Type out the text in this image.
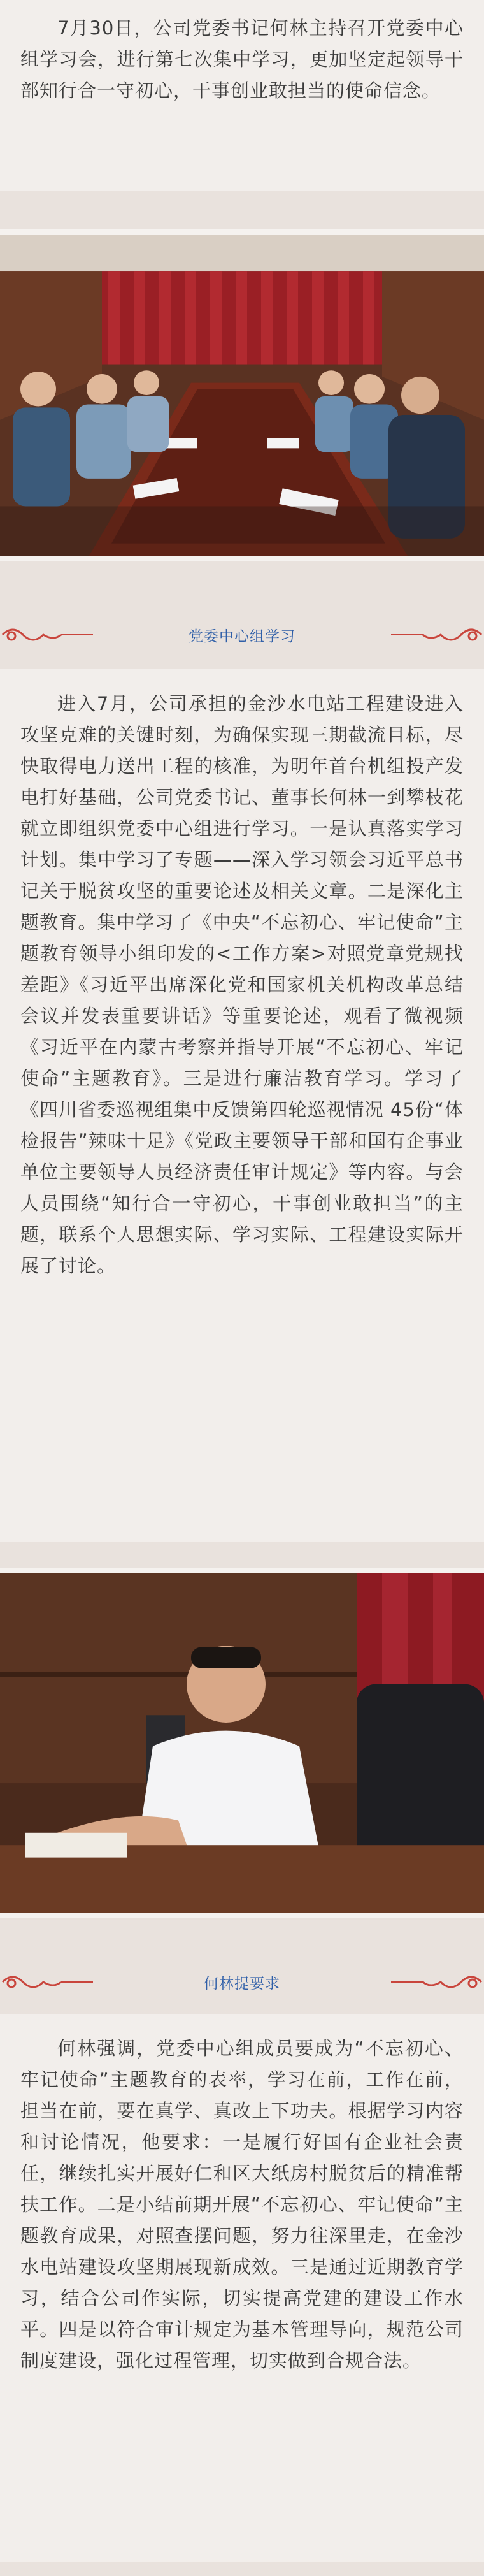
7月30日，公司党委书记何林主持召开党委中心组学习会，进行第七次集中学习，更加坚定起领导干部知行合一守初心，干事创业敢担当的使命信念。

党委中心组学习

进入7月，公司承担的金沙水电站工程建设进入攻坚克难的关键时刻，为确保实现三期截流目标，尽快取得电力送出工程的核准，为明年首台机组投产发电打好基础，公司党委书记、董事长何林一到攀枝花就立即组织党委中心组进行学习。一是认真落实学习计划。集中学习了专题——深入学习领会习近平总书记关于脱贫攻坚的重要论述及相关文章。二是深化主题教育。集中学习了《中央“不忘初心、牢记使命”主题教育领导小组印发的<工作方案>对照党章党规找差距》《习近平出席深化党和国家机关机构改革总结会议并发表重要讲话》等重要论述，观看了微视频《习近平在内蒙古考察并指导开展“不忘初心、牢记使命”主题教育》。三是进行廉洁教育学习。学习了《四川省委巡视组集中反馈第四轮巡视情况 45份“体检报告”辣味十足》《党政主要领导干部和国有企事业单位主要领导人员经济责任审计规定》等内容。与会人员围绕“知行合一守初心，干事创业敢担当”的主题，联系个人思想实际、学习实际、工程建设实际开展了讨论。

何林提要求

何林强调，党委中心组成员要成为“不忘初心、牢记使命”主题教育的表率，学习在前，工作在前，担当在前，要在真学、真改上下功夫。根据学习内容和讨论情况，他要求：一是履行好国有企业社会责任，继续扎实开展好仁和区大纸房村脱贫后的精准帮扶工作。二是小结前期开展“不忘初心、牢记使命”主题教育成果，对照查摆问题，努力往深里走，在金沙水电站建设攻坚期展现新成效。三是通过近期教育学习，结合公司作实际，切实提高党建的建设工作水平。四是以符合审计规定为基本管理导向，规范公司制度建设，强化过程管理，切实做到合规合法。
